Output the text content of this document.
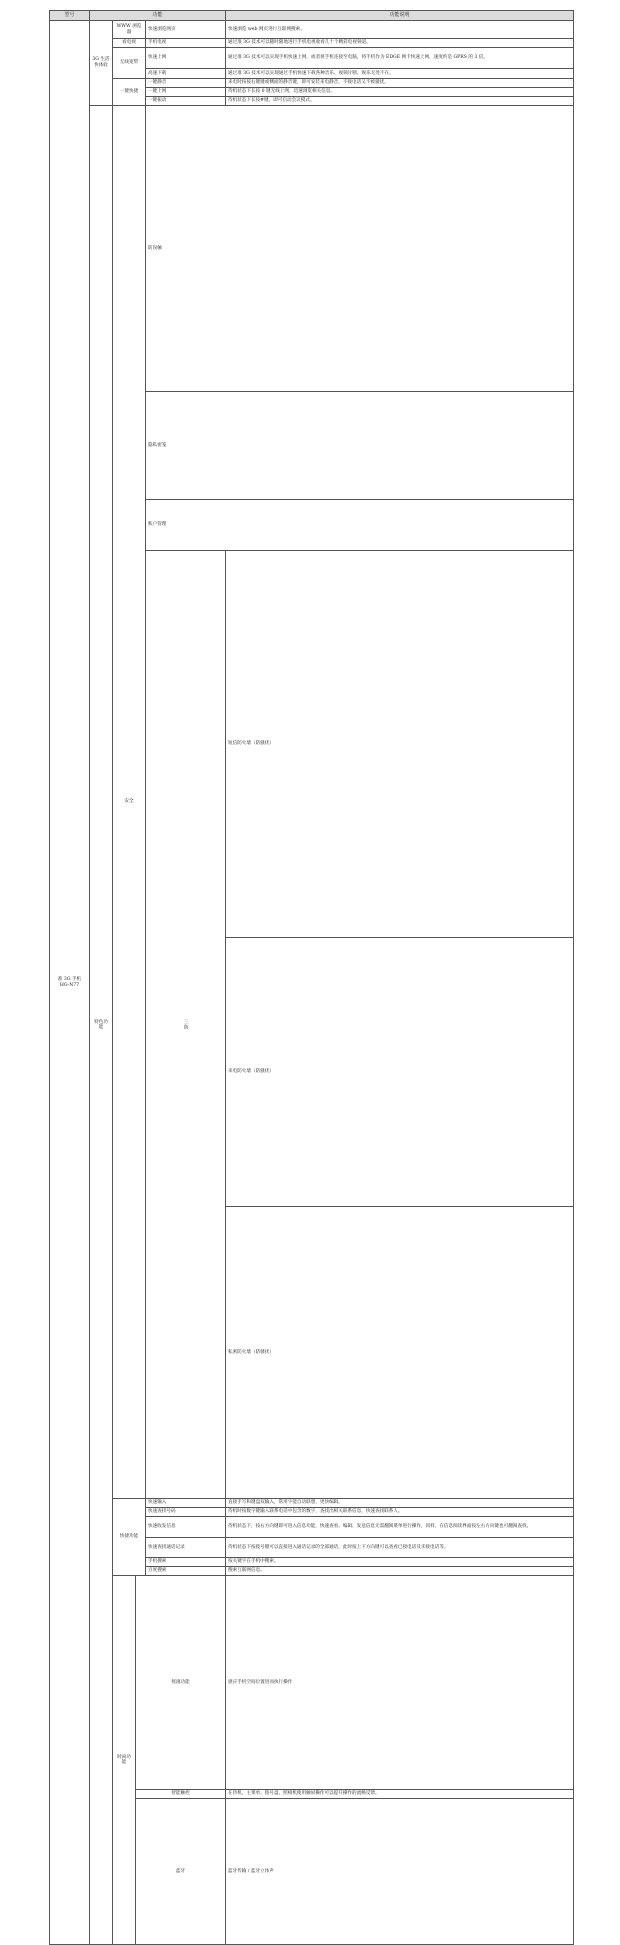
型号	功能				功能说明	
准 3G 手机
HG-N77	3G 生活 快体验	WWW 浏览器		快速浏览网页	快速浏览 web 网页进行互联网搜索。	
		看电视		手机电视	通过准 3G 技术可以随时随地进行手机电视收看几十个精彩电视频道。	
		无线宽带		快速上网	通过准 3G 技术可以实现手机快速上网，或者将手机连接至电脑，将手机作为 EDGE 网卡快速上网，速度约是 GPRS 的 3 倍。	
				高速下载	通过准 3G 技术可以实现通过手机快速下载各种音乐、视频片断，娱乐无处不在。	
		一键快捷		一键静音	来电时按按右键键或侧面的静音键，即可安装来电静音，不接电话又不被骚扰。	
				一键上网	待机状态下长按 0 键无线上网，迅速浏览相关信息。	
				一键振动	待机状态下长按#键，即可启动会议模式。	
	特色功能	安全		防误触	
				隐私密笼	
				账户管理	
				三防	短信防火墙（防骚扰）	
					来电防火墙（防骚扰）	
					私密防火墙（防骚扰）	
		快捷功能		快速输入	直接手写和键盘双输入，常用字能自动联想，更快编辑。	
				快速查找号码	待机时按数字键输入联系电话中包含的数字，查找出相关联系信息，快速查找联系人。	
				快速收发信息	待机状态下，按右方向键即可进入信息功能，快速查看、编辑、发送信息无需翻阅菜单进行操作，同样，在信息阅读界面按左右方向键也可翻阅查找。	
				快速查找通话记录	待机状态下按拨号键可以直接进入通话记录的全部通话，此时按上下方向键可以查看已接电话及未接电话等。	
				手机搜索	按关键字在手机中搜索。	
				百度搜索	搜索互联网信息。	
		时尚功能	摇滚功能		感应手机空间位置进而执行操作	
			智能触控		在待机、主菜单、拨号盘、照相机使用触屏操作可以提升操作的流畅反馈。	
			蓝牙		蓝牙传输 / 蓝牙立体声	
